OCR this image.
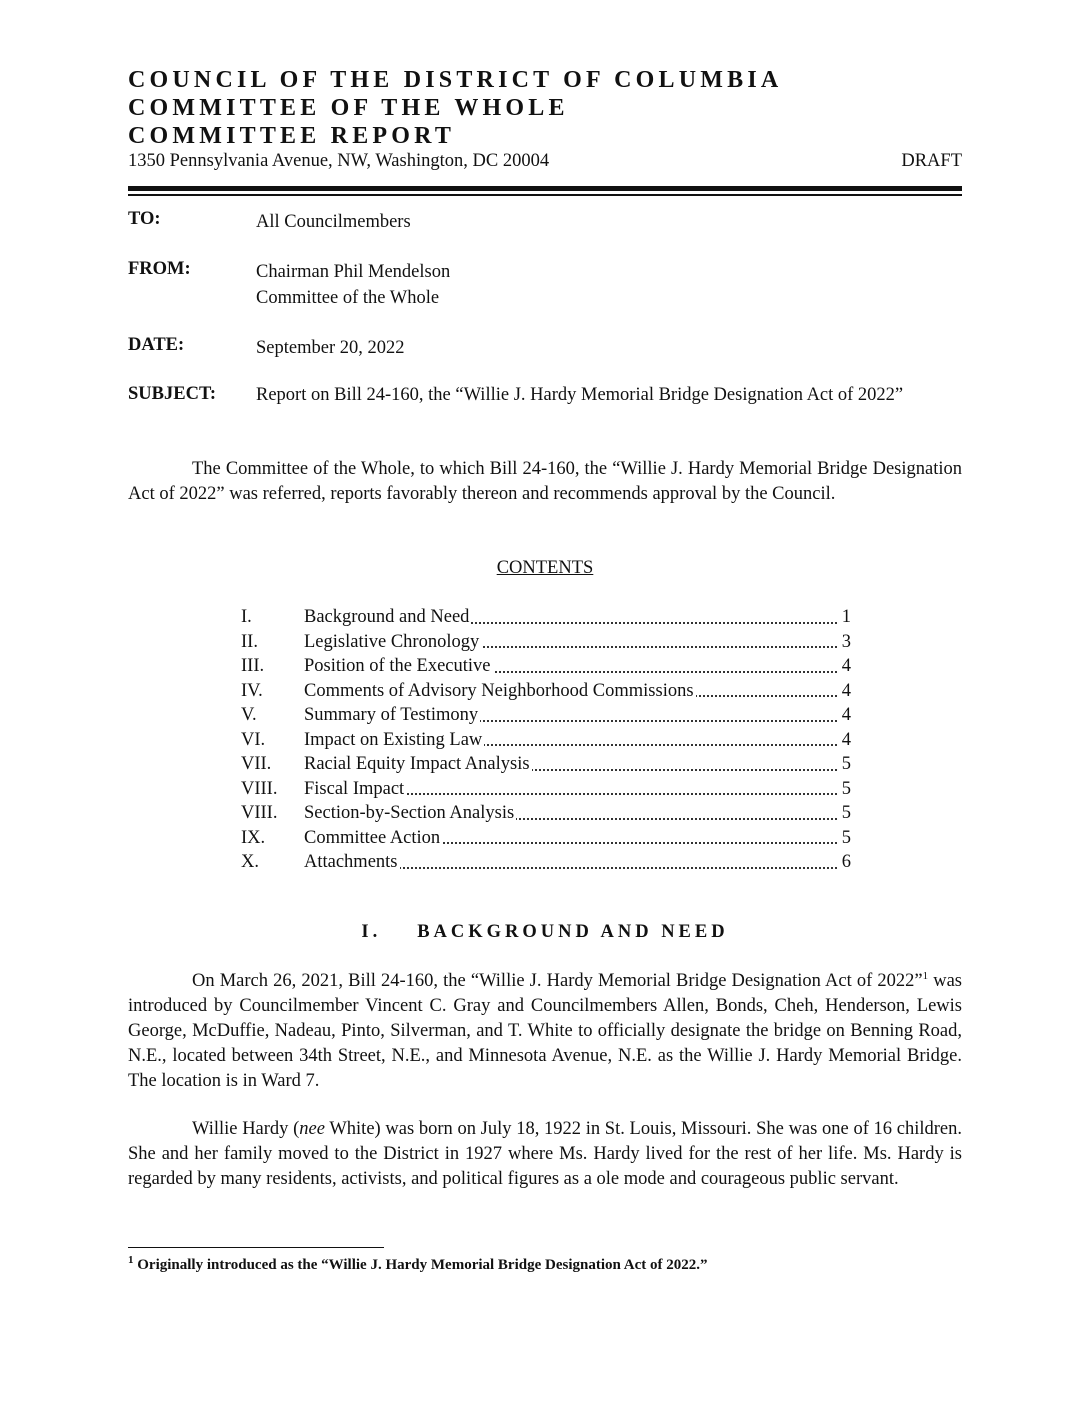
COUNCIL OF THE DISTRICT OF COLUMBIA
COMMITTEE OF THE WHOLE
COMMITTEE REPORT
1350 Pennsylvania Avenue, NW, Washington, DC 20004	DRAFT
TO:	All Councilmembers
FROM:	Chairman Phil Mendelson
Committee of the Whole
DATE:	September 20, 2022
SUBJECT: Report on Bill 24-160, the “Willie J. Hardy Memorial Bridge Designation Act of 2022”
The Committee of the Whole, to which Bill 24-160, the “Willie J. Hardy Memorial Bridge Designation Act of 2022” was referred, reports favorably thereon and recommends approval by the Council.
CONTENTS
I.	Background and Need	1
II. Legislative Chronology	3
III. Position of the Executive	4
IV. Comments of Advisory Neighborhood Commissions	4
V.	Summary of Testimony	4
VI. Impact on Existing Law	4
VII. Racial Equity Impact Analysis	5
VIII. Fiscal Impact	5
VIII. Section-by-Section Analysis	5
IX. Committee Action	5
X. Attachments	6
I. BACKGROUND AND NEED
On March 26, 2021, Bill 24-160, the “Willie J. Hardy Memorial Bridge Designation Act of 2022”$^1$ was introduced by Councilmember Vincent C. Gray and Councilmembers Allen, Bonds, Cheh, Henderson, Lewis George, McDuffie, Nadeau, Pinto, Silverman, and T. White to officially designate the bridge on Benning Road, N.E., located between 34th Street, N.E., and Minnesota Avenue, N.E. as the Willie J. Hardy Memorial Bridge. The location is in Ward 7.
Willie Hardy (nee White) was born on July 18, 1922 in St. Louis, Missouri. She was one of 16 children. She and her family moved to the District in 1927 where Ms. Hardy lived for the rest of her life. Ms. Hardy is regarded by many residents, activists, and political figures as a ole mode and courageous public servant.
$^1$ Originally introduced as the “Willie J. Hardy Memorial Bridge Designation Act of 2022.”
